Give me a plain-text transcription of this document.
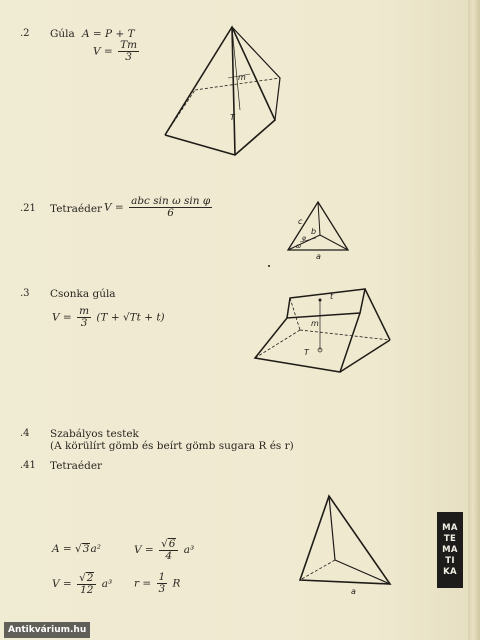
.2 Gúla A = P + T
$V = \frac{Tm}{3}$
.21 Tetraéder $V = \frac{\text{abc sin ω sin φ}}{6}$
.3 Csonka gúla
$V = \frac{m}{3} (T + √Tt + t)$
.4 Szabályos testek
(A körülírt gömb és beírt gömb sugara R és r)
.41 Tetraéder
A = √3a²	$V = \frac{√6}{4} a^3$
$V = \frac{√2}{12} a^3$ $r = \frac{1}{3}$ R
m
T
c
b
a
φ
ω
t
m
T
a
MA
TE
MA
TI
KA
Antikvárium.hu
